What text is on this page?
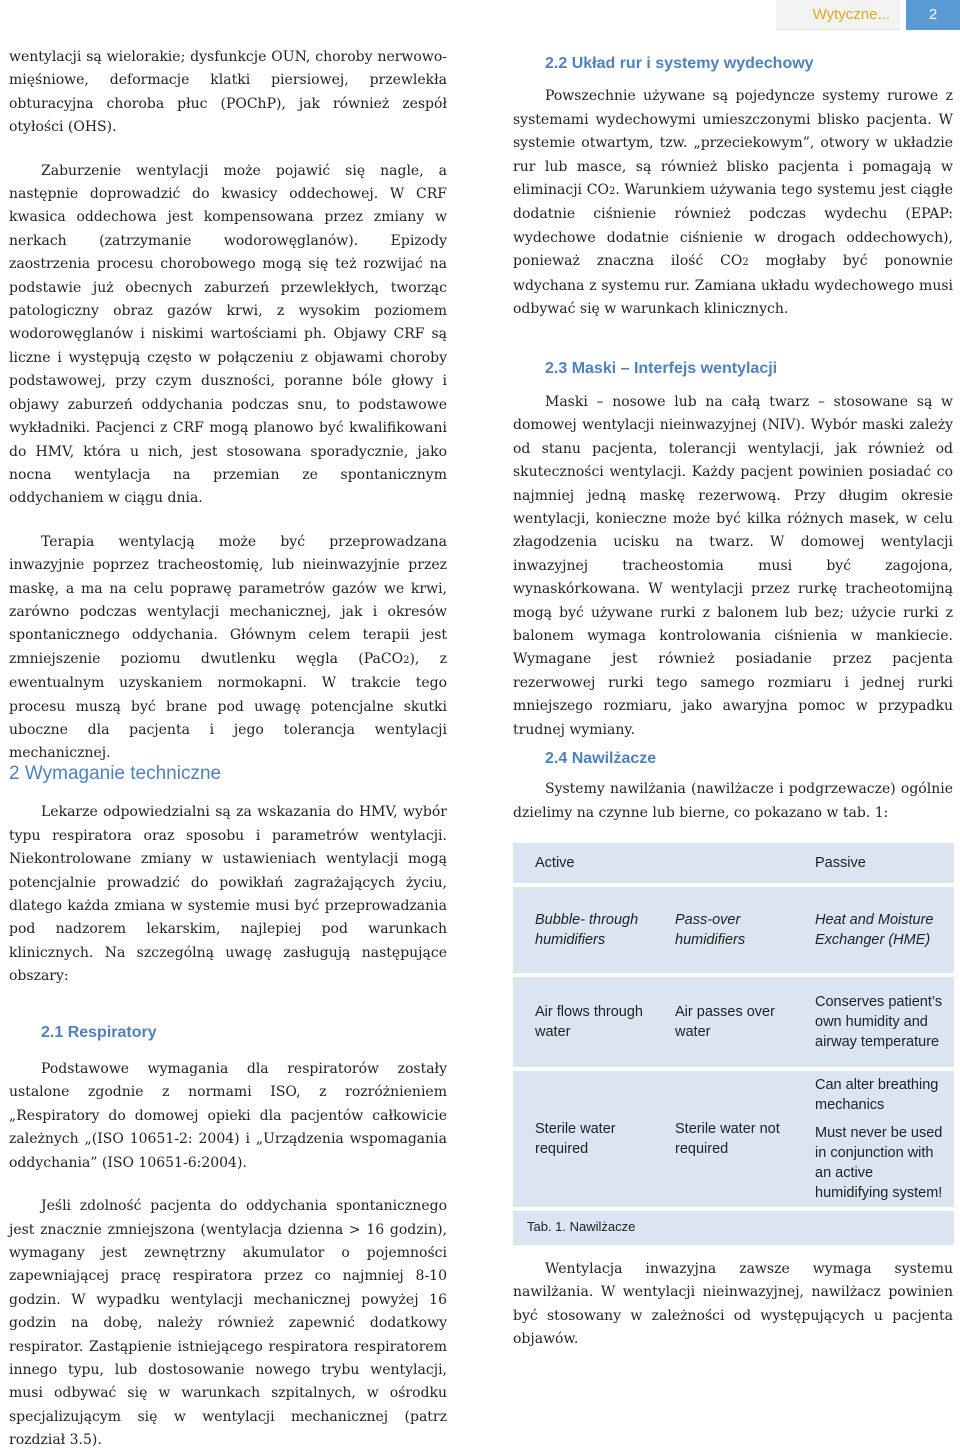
Wytyczne...	2

wentylacji są wielorakie; dysfunkcje OUN, choroby nerwowo-mięśniowe, deformacje klatki piersiowej, przewlekła obturacyjna choroba płuc (POChP), jak również zespół otyłości (OHS).

Zaburzenie wentylacji może pojawić się nagle, a następnie doprowadzić do kwasicy oddechowej. W CRF kwasica oddechowa jest kompensowana przez zmiany w nerkach (zatrzymanie wodorowęglanów). Epizody zaostrzenia procesu chorobowego mogą się też rozwijać na podstawie już obecnych zaburzeń przewlekłych, tworząc patologiczny obraz gazów krwi, z wysokim poziomem wodorowęglanów i niskimi wartościami ph. Objawy CRF są liczne i występują często w połączeniu z objawami choroby podstawowej, przy czym duszności, poranne bóle głowy i objawy zaburzeń oddychania podczas snu, to podstawowe wykładniki. Pacjenci z CRF mogą planowo być kwalifikowani do HMV, która u nich, jest stosowana sporadycznie, jako nocna wentylacja na przemian ze spontanicznym oddychaniem w ciągu dnia.

Terapia wentylacją może być przeprowadzana inwazyjnie poprzez tracheostomię, lub nieinwazyjnie przez maskę, a ma na celu poprawę parametrów gazów we krwi, zarówno podczas wentylacji mechanicznej, jak i okresów spontanicznego oddychania. Głównym celem terapii jest zmniejszenie poziomu dwutlenku węgla (PaCO2), z ewentualnym uzyskaniem normokapni. W trakcie tego procesu muszą być brane pod uwagę potencjalne skutki uboczne dla pacjenta i jego tolerancja wentylacji mechanicznej.

2 Wymaganie techniczne

Lekarze odpowiedzialni są za wskazania do HMV, wybór typu respiratora oraz sposobu i parametrów wentylacji. Niekontrolowane zmiany w ustawieniach wentylacji mogą potencjalnie prowadzić do powikłań zagrażających życiu, dlatego każda zmiana w systemie musi być przeprowadzania pod nadzorem lekarskim, najlepiej pod warunkach klinicznych. Na szczególną uwagę zasługują następujące obszary:

2.1 Respiratory

Podstawowe wymagania dla respiratorów zostały ustalone zgodnie z normami ISO, z rozróżnieniem „Respiratory do domowej opieki dla pacjentów całkowicie zależnych „(ISO 10651-2: 2004) i „Urządzenia wspomagania oddychania” (ISO 10651-6:2004).

Jeśli zdolność pacjenta do oddychania spontanicznego jest znacznie zmniejszona (wentylacja dzienna > 16 godzin), wymagany jest zewnętrzny akumulator o pojemności zapewniającej pracę respiratora przez co najmniej 8-10 godzin. W wypadku wentylacji mechanicznej powyżej 16 godzin na dobę, należy również zapewnić dodatkowy respirator. Zastąpienie istniejącego respiratora respiratorem innego typu, lub dostosowanie nowego trybu wentylacji, musi odbywać się w warunkach szpitalnych, w ośrodku specjalizującym się w wentylacji mechanicznej (patrz rozdział 3.5).

2.2 Układ rur i systemy wydechowy

Powszechnie używane są pojedyncze systemy rurowe z systemami wydechowymi umieszczonymi blisko pacjenta. W systemie otwartym, tzw. „przeciekowym”, otwory w układzie rur lub masce, są również blisko pacjenta i pomagają w eliminacji CO2. Warunkiem używania tego systemu jest ciągłe dodatnie ciśnienie również podczas wydechu (EPAP: wydechowe dodatnie ciśnienie w drogach oddechowych), ponieważ znaczna ilość CO2 mogłaby być ponownie wdychana z systemu rur. Zamiana układu wydechowego musi odbywać się w warunkach klinicznych.

2.3 Maski – Interfejs wentylacji

Maski – nosowe lub na całą twarz – stosowane są w domowej wentylacji nieinwazyjnej (NIV). Wybór maski zależy od stanu pacjenta, tolerancji wentylacji, jak również od skuteczności wentylacji. Każdy pacjent powinien posiadać co najmniej jedną maskę rezerwową. Przy długim okresie wentylacji, konieczne może być kilka różnych masek, w celu złagodzenia ucisku na twarz. W domowej wentylacji inwazyjnej tracheostomia musi być zagojona, wynaskórkowana. W wentylacji przez rurkę tracheotomijną mogą być używane rurki z balonem lub bez; użycie rurki z balonem wymaga kontrolowania ciśnienia w mankiecie. Wymagane jest również posiadanie przez pacjenta rezerwowej rurki tego samego rozmiaru i jednej rurki mniejszego rozmiaru, jako awaryjna pomoc w przypadku trudnej wymiany.

2.4 Nawilżacze

Systemy nawilżania (nawilżacze i podgrzewacze) ogólnie dzielimy na czynne lub bierne, co pokazano w tab. 1:

Active		Passive
Bubble- through humidifiers	Pass-over humidifiers	Heat and Moisture
Exchanger (HME)

Air flows through water	Air passes over water	Conserves patient’s own humidity and airway temperature
Sterile water required	Sterile water not required	Can alter breathing mechanics
Must never be used in conjunction with an active humidifying system!

Tab. 1. Nawilżacze		

Wentylacja inwazyjna zawsze wymaga systemu nawilżania. W wentylacji nieinwazyjnej, nawilżacz powinien być stosowany w zależności od występujących u pacjenta objawów.
